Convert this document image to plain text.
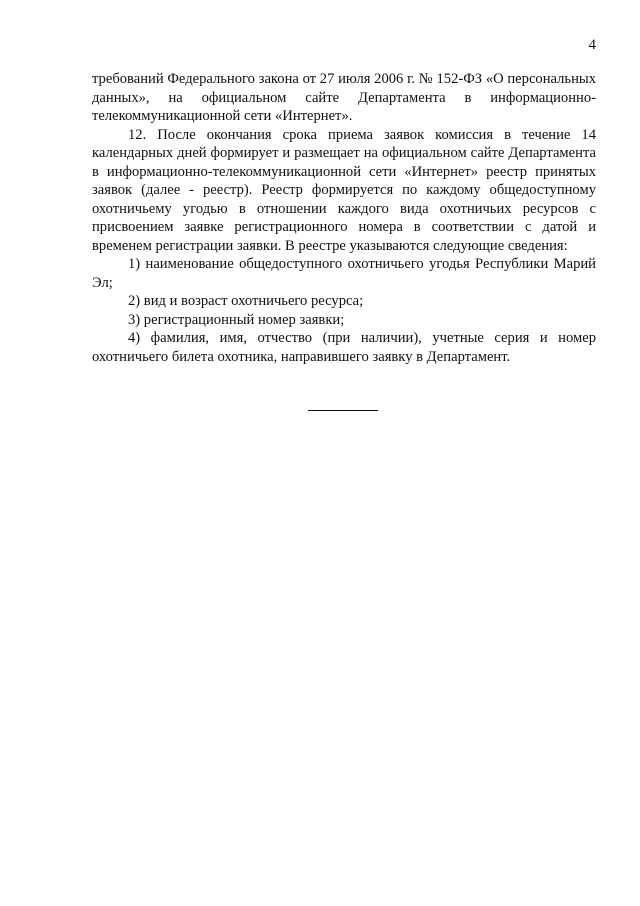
4

требований Федерального закона от 27 июля 2006 г. № 152-ФЗ «О персональных данных», на официальном сайте Департамента в информационно-телекоммуникационной сети «Интернет».

12. После окончания срока приема заявок комиссия в течение 14 календарных дней формирует и размещает на официальном сайте Департамента в информационно-телекоммуникационной сети «Интернет» реестр принятых заявок (далее - реестр). Реестр формируется по каждому общедоступному охотничьему угодью в отношении каждого вида охотничьих ресурсов с присвоением заявке регистрационного номера в соответствии с датой и временем регистрации заявки. В реестре указываются следующие сведения:

1) наименование общедоступного охотничьего угодья Республики Марий Эл;

2) вид и возраст охотничьего ресурса;

3) регистрационный номер заявки;

4) фамилия, имя, отчество (при наличии), учетные серия и номер охотничьего билета охотника, направившего заявку в Департамент.
